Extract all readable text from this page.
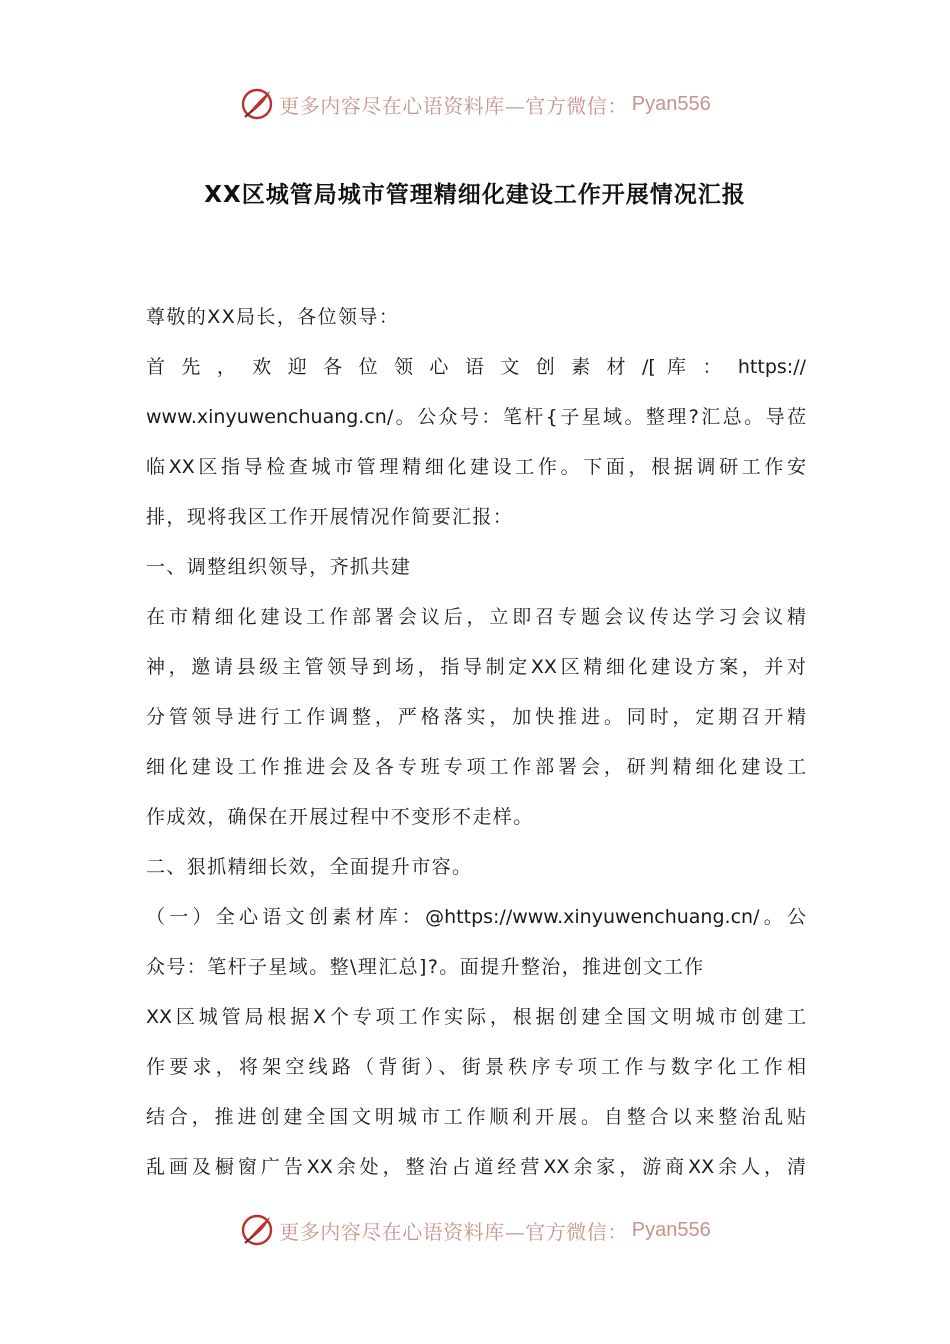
更多内容尽在心语资料库—官方微信： Pyan556
XX区城管局城市管理精细化建设工作开展情况汇报
尊敬的XX局长，各位领导：
首 先 ， 欢 迎 各 位 领 心 语 文 创 素 材 /[ 库 ： https://
www.xinyuwenchuang.cn/。公众号：笔杆{子星域。整理?汇总。导莅
临XX区指导检查城市管理精细化建设工作。下面，根据调研工作安
排，现将我区工作开展情况作简要汇报：
一、调整组织领导，齐抓共建
在市精细化建设工作部署会议后，立即召专题会议传达学习会议精
神，邀请县级主管领导到场，指导制定XX区精细化建设方案，并对
分管领导进行工作调整，严格落实，加快推进。同时，定期召开精
细化建设工作推进会及各专班专项工作部署会，研判精细化建设工
作成效，确保在开展过程中不变形不走样。
二、狠抓精细长效，全面提升市容。
（一）全心语文创素材库：@https://www.xinyuwenchuang.cn/。公
众号：笔杆子星域。整\理汇总]?。面提升整治，推进创文工作
XX区城管局根据X个专项工作实际，根据创建全国文明城市创建工
作要求，将架空线路（背街）、街景秩序专项工作与数字化工作相
结合，推进创建全国文明城市工作顺利开展。自整合以来整治乱贴
乱画及橱窗广告XX余处，整治占道经营XX余家，游商XX余人，清
更多内容尽在心语资料库—官方微信： Pyan556
